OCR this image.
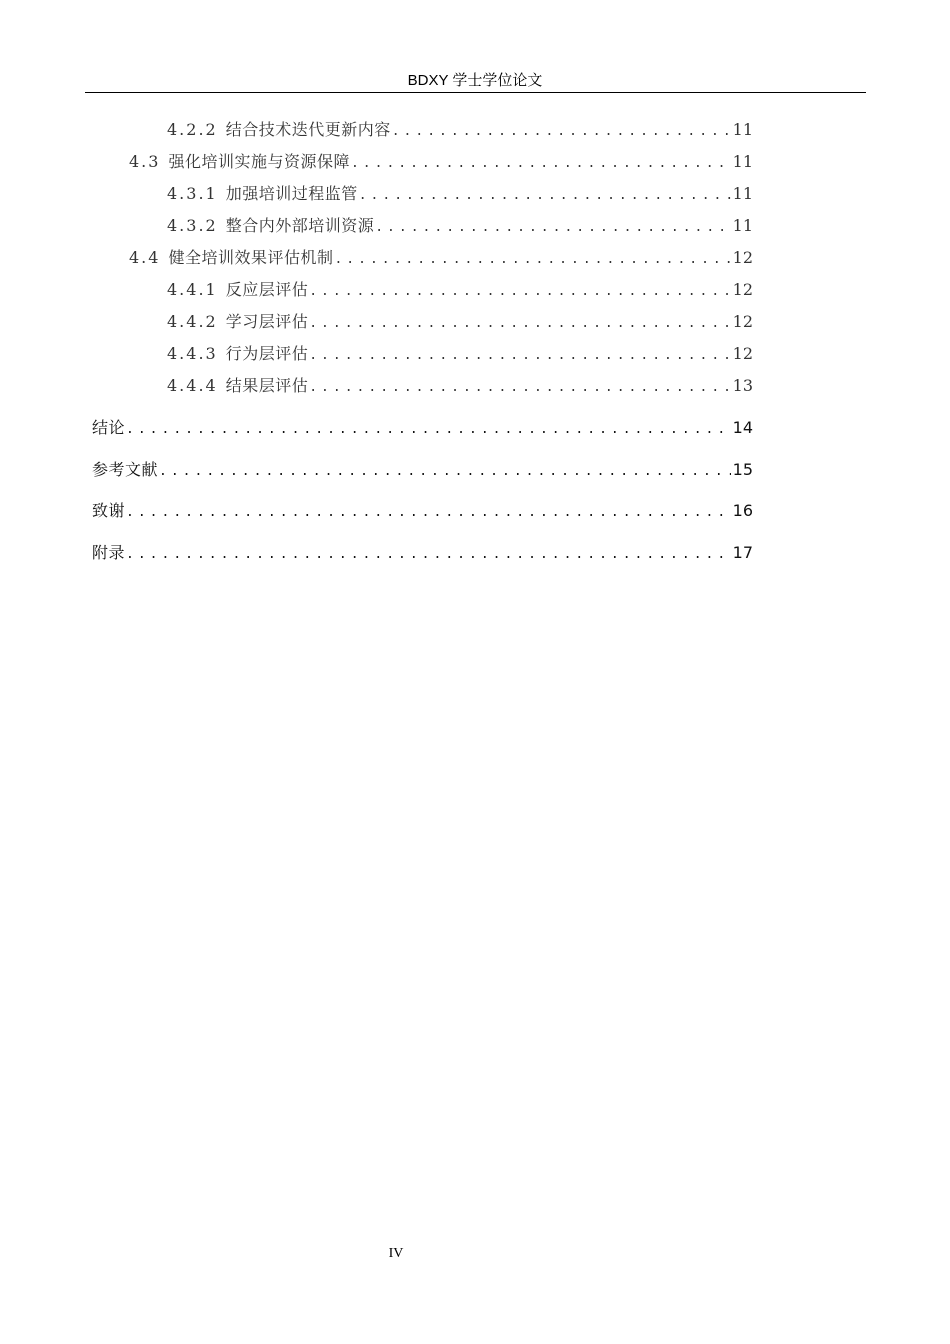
BDXY 学士学位论文
4.2.2 结合技术迭代更新内容 .....	11
4.3 强化培训实施与资源保障 .....	11
4.3.1 加强培训过程监管 .....	11
4.3.2 整合内外部培训资源 .....	11
4.4 健全培训效果评估机制 .....	12
4.4.1 反应层评估 .....	12
4.4.2 学习层评估 .....	12
4.4.3 行为层评估 .....	12
4.4.4 结果层评估 .....	13
结论 .....	14
参考文献 .....	15
致谢 .....	16
附录 .....	17
IV
